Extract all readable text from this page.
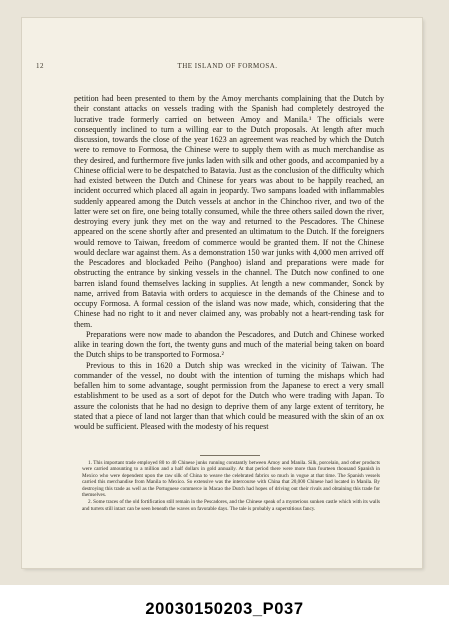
12	THE ISLAND OF FORMOSA.

petition had been presented to them by the Amoy merchants complaining that the Dutch by their constant attacks on vessels trading with the Spanish had completely destroyed the lucrative trade formerly carried on between Amoy and Manila.¹ The officials were consequently inclined to turn a willing ear to the Dutch proposals. At length after much discussion, towards the close of the year 1623 an agreement was reached by which the Dutch were to remove to Formosa, the Chinese were to supply them with as much merchandise as they desired, and furthermore five junks laden with silk and other goods, and accompanied by a Chinese official were to be despatched to Batavia. Just as the conclusion of the difficulty which had existed between the Dutch and Chinese for years was about to be happily reached, an incident occurred which placed all again in jeopardy. Two sampans loaded with inflammables suddenly appeared among the Dutch vessels at anchor in the Chinchoo river, and two of the latter were set on fire, one being totally consumed, while the three others sailed down the river, destroying every junk they met on the way and returned to the Pescadores. The Chinese appeared on the scene shortly after and presented an ultimatum to the Dutch. If the foreigners would remove to Taiwan, freedom of commerce would be granted them. If not the Chinese would declare war against them. As a demonstration 150 war junks with 4,000 men arrived off the Pescadores and blockaded Peiho (Panghoo) island and preparations were made for obstructing the entrance by sinking vessels in the channel. The Dutch now confined to one barren island found themselves lacking in supplies. At length a new commander, Sonck by name, arrived from Batavia with orders to acquiesce in the demands of the Chinese and to occupy Formosa. A formal cession of the island was now made, which, considering that the Chinese had no right to it and never claimed any, was probably not a heart-rending task for them.

Preparations were now made to abandon the Pescadores, and Dutch and Chinese worked alike in tearing down the fort, the twenty guns and much of the material being taken on board the Dutch ships to be transported to Formosa.²

Previous to this in 1620 a Dutch ship was wrecked in the vicinity of Taiwan. The commander of the vessel, no doubt with the intention of turning the mishaps which had befallen him to some advantage, sought permission from the Japanese to erect a very small establishment to be used as a sort of depot for the Dutch who were trading with Japan. To assure the colonists that he had no design to deprive them of any large extent of territory, he stated that a piece of land not larger than that which could be measured with the skin of an ox would be sufficient. Pleased with the modesty of his request

1. This important trade employed 80 to 40 Chinese junks running constantly between Amoy and Manila. Silk, porcelain, and other products were carried amounting to a million and a half dollars in gold annually. At that period there were more than fourteen thousand Spanish in Mexico who were dependent upon the raw silk of China to weave the celebrated fabrics so much in vogue at that time. The Spanish vessels carried this merchandise from Manila to Mexico. So extensive was the intercourse with China that 20,000 Chinese had located in Manila. By destroying this trade as well as the Portuguese commerce in Macao the Dutch had hopes of driving out their rivals and obtaining this trade for themselves.

2. Some traces of the old fortification still remain in the Pescadores, and the Chinese speak of a mysterious sunken castle which with its walls and turrets still intact can be seen beneath the waves on favorable days. The tale is probably a superstitious fancy.

20030150203_P037
